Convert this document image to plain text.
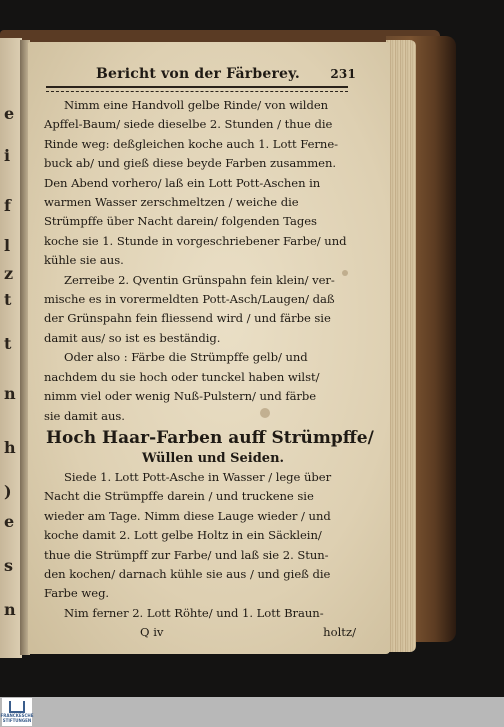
e
i
f
l
z
t
t
n
h
)
e
s
n
Bericht von der Färberey.	231
Nimm eine Handvoll gelbe Rinde/ von wilden
Apffel-Baum/ siede dieselbe 2. Stunden / thue die
Rinde weg: deßgleichen koche auch 1. Lott Ferne-
buck ab/ und gieß diese beyde Farben zusammen.
Den Abend vorhero/ laß ein Lott Pott-Aschen in
warmen Wasser zerschmeltzen / weiche die
Strümpffe über Nacht darein/ folgenden Tages
koche sie 1. Stunde in vorgeschriebener Farbe/ und
kühle sie aus.
Zerreibe 2. Qventin Grünspahn fein klein/ ver-
mische es in vorermeldten Pott-Asch/Laugen/ daß
der Grünspahn fein fliessend wird / und färbe sie
damit aus/ so ist es beständig.
Oder also : Färbe die Strümpffe gelb/ und
nachdem du sie hoch oder tunckel haben wilst/
nimm viel oder wenig Nuß-Pulstern/ und färbe
sie damit aus.
Hoch Haar-Farben auff Strümpffe/
Wüllen und Seiden.
Siede 1. Lott Pott-Asche in Wasser / lege über
Nacht die Strümpffe darein / und truckene sie
wieder am Tage. Nimm diese Lauge wieder / und
koche damit 2. Lott gelbe Holtz in ein Säcklein/
thue die Strümpff zur Farbe/ und laß sie 2. Stun-
den kochen/ darnach kühle sie aus / und gieß die
Farbe weg.
Nim ferner 2. Lott Röhte/ und 1. Lott Braun-
Q iv	holtz/
FRANCKESCHE STIFTUNGEN
